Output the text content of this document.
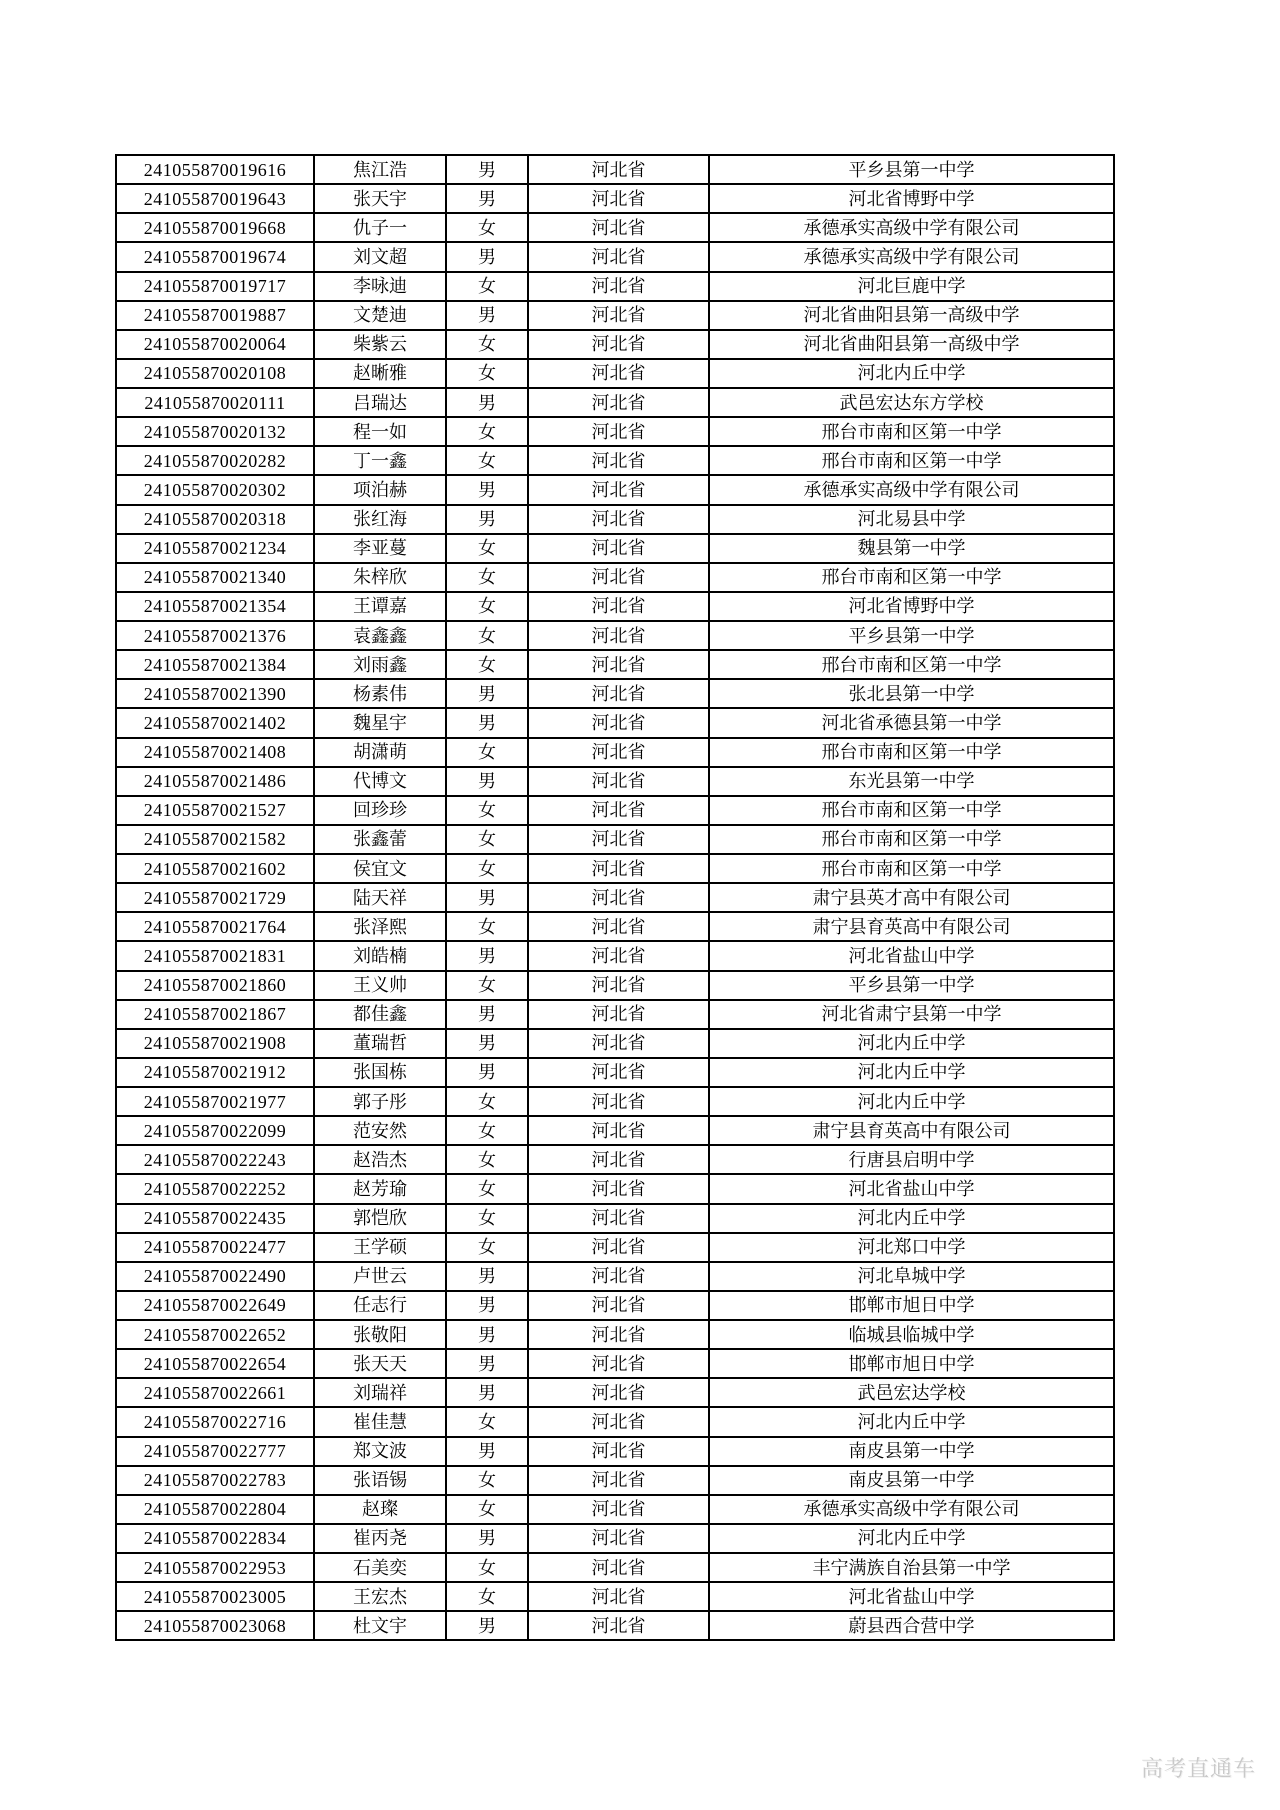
241055870019616	焦江浩	男	河北省	平乡县第一中学
241055870019643	张天宇	男	河北省	河北省博野中学
241055870019668	仇子一	女	河北省	承德承实高级中学有限公司
241055870019674	刘文超	男	河北省	承德承实高级中学有限公司
241055870019717	李咏迪	女	河北省	河北巨鹿中学
241055870019887	文楚迪	男	河北省	河北省曲阳县第一高级中学
241055870020064	柴紫云	女	河北省	河北省曲阳县第一高级中学
241055870020108	赵晰雅	女	河北省	河北内丘中学
241055870020111	吕瑞达	男	河北省	武邑宏达东方学校
241055870020132	程一如	女	河北省	邢台市南和区第一中学
241055870020282	丁一鑫	女	河北省	邢台市南和区第一中学
241055870020302	项泊赫	男	河北省	承德承实高级中学有限公司
241055870020318	张红海	男	河北省	河北易县中学
241055870021234	李亚蔓	女	河北省	魏县第一中学
241055870021340	朱梓欣	女	河北省	邢台市南和区第一中学
241055870021354	王谭嘉	女	河北省	河北省博野中学
241055870021376	袁鑫鑫	女	河北省	平乡县第一中学
241055870021384	刘雨鑫	女	河北省	邢台市南和区第一中学
241055870021390	杨素伟	男	河北省	张北县第一中学
241055870021402	魏星宇	男	河北省	河北省承德县第一中学
241055870021408	胡潇萌	女	河北省	邢台市南和区第一中学
241055870021486	代博文	男	河北省	东光县第一中学
241055870021527	回珍珍	女	河北省	邢台市南和区第一中学
241055870021582	张鑫蕾	女	河北省	邢台市南和区第一中学
241055870021602	侯宜文	女	河北省	邢台市南和区第一中学
241055870021729	陆天祥	男	河北省	肃宁县英才高中有限公司
241055870021764	张泽熙	女	河北省	肃宁县育英高中有限公司
241055870021831	刘皓楠	男	河北省	河北省盐山中学
241055870021860	王义帅	女	河北省	平乡县第一中学
241055870021867	都佳鑫	男	河北省	河北省肃宁县第一中学
241055870021908	董瑞哲	男	河北省	河北内丘中学
241055870021912	张国栋	男	河北省	河北内丘中学
241055870021977	郭子彤	女	河北省	河北内丘中学
241055870022099	范安然	女	河北省	肃宁县育英高中有限公司
241055870022243	赵浩杰	女	河北省	行唐县启明中学
241055870022252	赵芳瑜	女	河北省	河北省盐山中学
241055870022435	郭恺欣	女	河北省	河北内丘中学
241055870022477	王学硕	女	河北省	河北郑口中学
241055870022490	卢世云	男	河北省	河北阜城中学
241055870022649	任志行	男	河北省	邯郸市旭日中学
241055870022652	张敬阳	男	河北省	临城县临城中学
241055870022654	张天天	男	河北省	邯郸市旭日中学
241055870022661	刘瑞祥	男	河北省	武邑宏达学校
241055870022716	崔佳慧	女	河北省	河北内丘中学
241055870022777	郑文波	男	河北省	南皮县第一中学
241055870022783	张语锡	女	河北省	南皮县第一中学
241055870022804	赵璨	女	河北省	承德承实高级中学有限公司
241055870022834	崔丙尧	男	河北省	河北内丘中学
241055870022953	石美奕	女	河北省	丰宁满族自治县第一中学
241055870023005	王宏杰	女	河北省	河北省盐山中学
241055870023068	杜文宇	男	河北省	蔚县西合营中学
高考直通车
